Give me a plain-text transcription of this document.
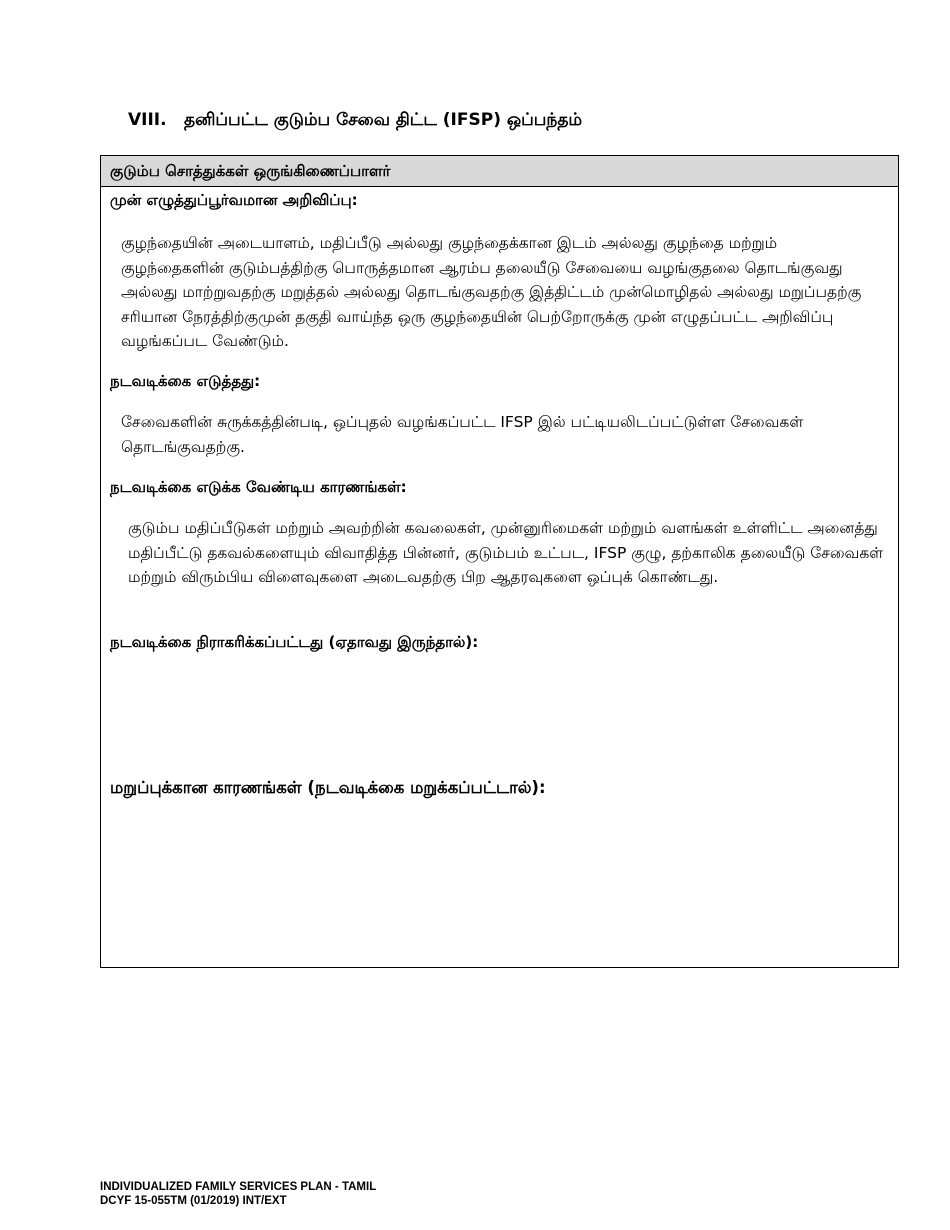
VIII.	தனிப்பட்ட குடும்ப சேவை திட்ட (IFSP) ஒப்பந்தம்
குடும்ப சொத்துக்கள் ஒருங்கிணைப்பாளர்
முன் எழுத்துப்பூர்வமான அறிவிப்பு:
குழந்தையின் அடையாளம், மதிப்பீடு அல்லது குழந்தைக்கான இடம் அல்லது குழந்தை மற்றும் குழந்தைகளின் குடும்பத்திற்கு பொருத்தமான ஆரம்ப தலையீடு சேவையை வழங்குதலை தொடங்குவது அல்லது மாற்றுவதற்கு மறுத்தல் அல்லது தொடங்குவதற்கு இத்திட்டம் முன்மொழிதல் அல்லது மறுப்பதற்கு சரியான நேரத்திற்குமுன் தகுதி வாய்ந்த ஒரு குழந்தையின் பெற்றோருக்கு முன் எழுதப்பட்ட அறிவிப்பு வழங்கப்பட வேண்டும்.
நடவடிக்கை எடுத்தது:
சேவைகளின் சுருக்கத்தின்படி, ஒப்புதல் வழங்கப்பட்ட IFSP இல் பட்டியலிடப்பட்டுள்ள சேவைகள் தொடங்குவதற்கு.
நடவடிக்கை எடுக்க வேண்டிய காரணங்கள்:
குடும்ப மதிப்பீடுகள் மற்றும் அவற்றின் கவலைகள், முன்னுரிமைகள் மற்றும் வளங்கள் உள்ளிட்ட அனைத்து மதிப்பீட்டு தகவல்களையும் விவாதித்த பின்னர், குடும்பம் உட்பட, IFSP குழு, தற்காலிக தலையீடு சேவைகள் மற்றும் விரும்பிய விளைவுகளை அடைவதற்கு பிற ஆதரவுகளை ஒப்புக் கொண்டது.
நடவடிக்கை நிராகரிக்கப்பட்டது (ஏதாவது இருந்தால்):
மறுப்புக்கான காரணங்கள் (நடவடிக்கை மறுக்கப்பட்டால்):
INDIVIDUALIZED FAMILY SERVICES PLAN - TAMIL
DCYF 15-055TM (01/2019) INT/EXT
